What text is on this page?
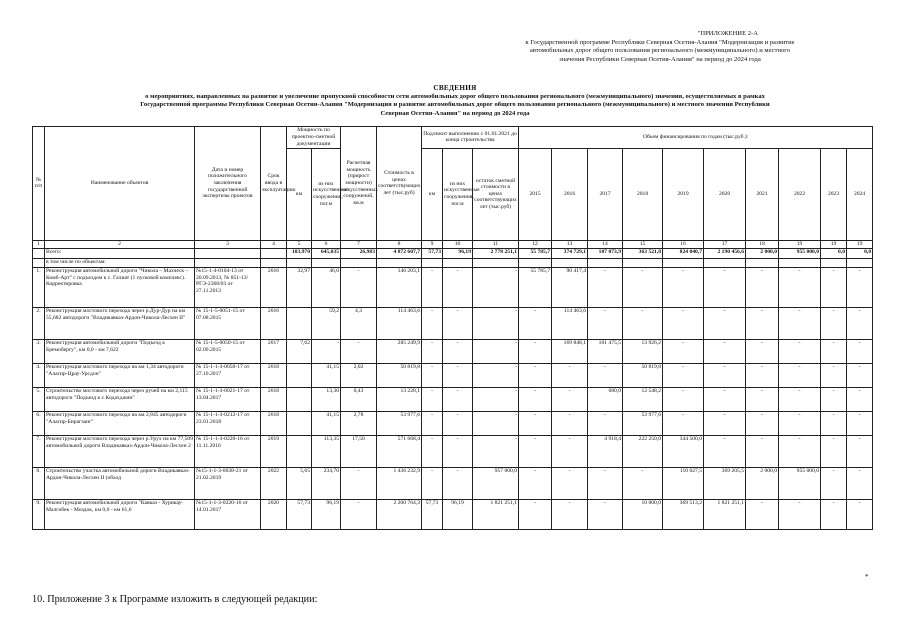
"ПРИЛОЖЕНИЕ 2-А
к Государственной программе Республики Северная Осетия-Алания "Модернизация и развитие
автомобильных дорог общего пользования регионального (межмуниципального) и местного
значения Республики Северная Осетия-Алания" на период до 2024 года
СВЕДЕНИЯ
о мероприятиях, направленных на развитие и увеличение пропускной способности сети автомобильных дорог общего пользования регионального (межмуниципального) значения, осуществляемых в рамках
Государственной программы Республики Северная Осетия-Алания "Модернизация и развитие автомобильных дорог общего пользования регионального (межмуниципального) и местного значения Республики
Северная Осетия-Алания" на период до 2024 года
№ п/п	Наименование объектов	Дата и номер положительного заключения государственной экспертизы проектов	Срок ввода в эксплуатацию	Мощность по проектно-сметной документации		Расчетная мощность (прирост мощности) искусственных сооружений, кв.м	Стоимость в ценах соответствующих лет (тыс.руб)	Подлежит выполнению с 01.01.2021 до конца строительства			Объем финансирования по годам (тыс.руб.):									
				км	из них искусственные сооружения, пог.м			км	из них искусственные сооружения, пог.м	остаток сметной стоимости в ценах соответствующих лет (тыс.руб)	2015	2016	2017	2018	2019	2020	2021	2022	2023	2024
1	2	3	4	5	6	7	8	9	10	11	12	13	14	15	16	17	18	19	19	19
	Всего:			103,970	645,035	26,983	4 872 607,7	57,73	96,19	2 778 251,1	55 785,7	374 729,1	107 073,9	363 521,8	824 040,7	2 190 456,6	2 000,0	955 000,0	0,0	0,0
	в том числе по объектам:																			
1.	Реконструкция автомобильной дороги "Чикола – Махческ – Комб-Арт" с подъездом к с. Галиат (1 пусковой комплекс). Корректировка	№15-1-4-0104-13 от 20.09.2013, № 851-13/РГЭ-2368/03 от 27.11.2013	2016	32,97	46,0	-	146 203,1	-	-	-	55 785,7	90 417,4	-	-	-	-	-	-	-	-
2.	Реконструкция мостового перехода через р.Дур-Дур на км 55,682 автодороги "Владикавказ-Ардон-Чикола-Лесхен II"	№ 15-1-5-0051-15 от 07.08.2015	2016		59,2	4,3	114 463,6	-	-	-	-	114 463,6	-	-	-	-	-	-	-	-
3.	Реконструкция автомобильной дороги "Подъезд к Бремобергу", км 0,0 - км 7,622	№ 15-1-5-0050-15 от 02.09.2015	2017	7,62	-	-	285 249,9	-	-	-	-	169 848,1	101 475,5	13 926,2	-	-	-	-	-	-
4.	Реконструкция мостового перехода на км 1,34 автодороги "Алагир-Црау-Урсдон"	№ 15-1-1-3-0050-17 от 27.10.2017	2018		41,15	2,02	50 819,8	-	-	-	-	-	-	50 819,8	-	-	-	-	-	-
5.	Строительство мостового перехода через ручей на км 2,115 автодороги "Подъезд к с.Кодахджин"	№ 15-1-1-3-0021-17 от 13.04.2017	2018		13,30	0,43	13 228,1	-	-	-	-	-	680,0	12 548,2	-	-	-	-	-	-
6.	Реконструкция мостового перехода на км 2,845 автодороги "Алагир-Бирагзанг"	№ 15-1-1-3-0212-17 от 23.01.2018	2018		41,15	2,78	53 977,6	-	-	-	-	-	-	53 977,6	-	-	-	-	-	-
7.	Реконструкция мостового перехода через р.Урух на км 77,509 автомобильной дороги Владикавказ-Ардон-Чикола-Лесхен 2	№ 15-1-1-3-0220-16 от 11.11.2016	2019		113,35	17,50	571 668,4	-	-	-	-	-	4 918,4	222 250,0	344 500,0	-	-	-	-	-
8.	Строительство участка автомобильной дороги Владикавказ-Ардон-Чикола-Лесхен II (обход	№15-1-1-3-0038-21 от 21.02.2019	2022	5,65	234,70	-	1 436 232,9	-	-	957 000,0	-	-	-	-	110 027,5	369 205,5	2 000,0	955 000,0	-	-
9.	Реконструкция автомобильной дороги "Кавказ - Хурикау- Малгобек - Моздок, км 0,0 - км 61,6	№15-1-1-3-0220-16 от 14.01.2017	2020	57,73	96,19	-	2 200 764,3	57,73	96,19	1 821 251,1	-	-	-	10 000,0	369 513,2	1 821 251,1	-	-	-	-
*
10. Приложение 3 к Программе изложить в следующей редакции:
